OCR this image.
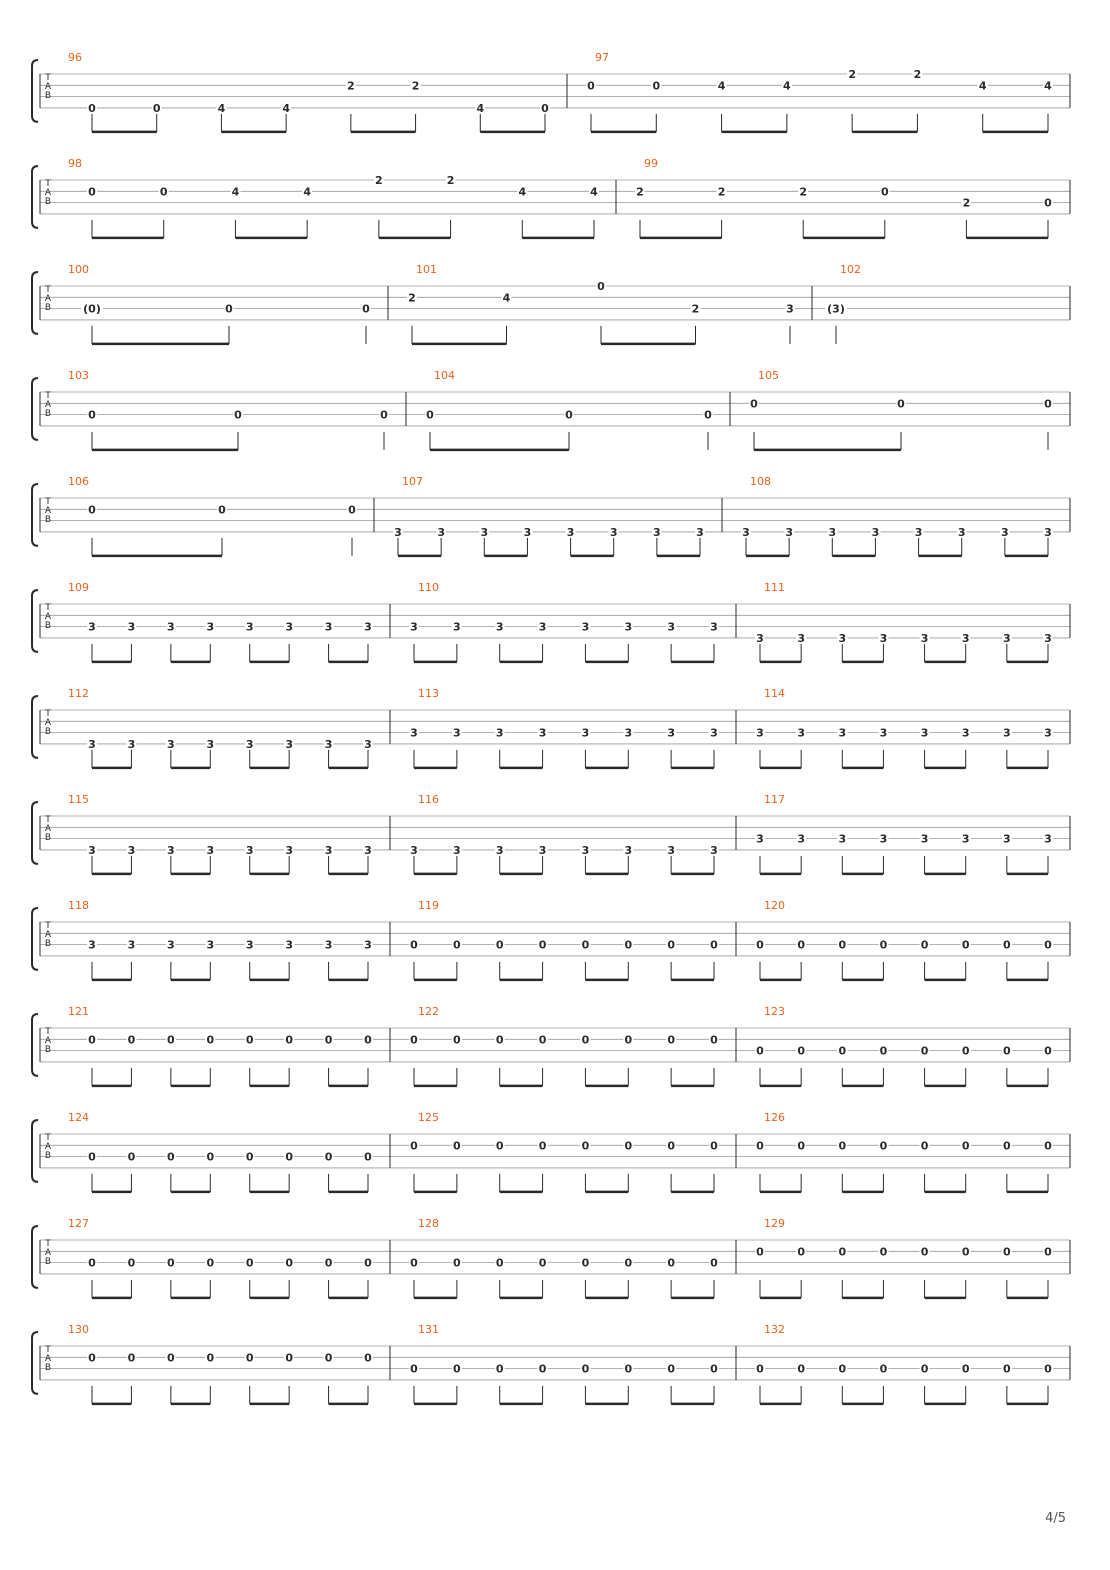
T
A
B
96
0	0	4	4
2	2
4	0
97
0	0	4	4
2	2
4	4
T
A
B
98
0	0	4	4
2	2
4	4
99
2	2	2	0
2	0
T
A
B
100
(0)	0	0
101
2	4
0
2	3
102
(3)
T
A
B
103
0	0	0
104
0	0	0
105
0	0	0
T
A
B
106
0	0	0
107
3	3	3	3	3	3	3	3
108
3	3	3	3	3	3	3	3
T
A
B
109
3	3	3	3	3	3	3	3
110
3	3	3	3	3	3	3	3
111
3	3	3	3	3	3	3	3
T
A
B
112
3	3	3	3	3	3	3	3
113
3	3	3	3	3	3	3	3
114
3	3	3	3	3	3	3	3
T
A
B
115
3	3	3	3	3	3	3	3
116
3	3	3	3	3	3	3	3
117
3	3	3	3	3	3	3	3
T
A
B
118
3	3	3	3	3	3	3	3
119
0	0	0	0	0	0	0	0
120
0	0	0	0	0	0	0	0
T
A
B
121
0	0	0	0	0	0	0	0
122
0	0	0	0	0	0	0	0
123
0	0	0	0	0	0	0	0
T
A
B
124
0	0	0	0	0	0	0	0
125
0	0	0	0	0	0	0	0
126
0	0	0	0	0	0	0	0
T
A
B
127
0	0	0	0	0	0	0	0
128
0	0	0	0	0	0	0	0
129
0	0	0	0	0	0	0	0
T
A
B
130
0	0	0	0	0	0	0	0
131
0	0	0	0	0	0	0	0
132
0	0	0	0	0	0	0	0
4/5
